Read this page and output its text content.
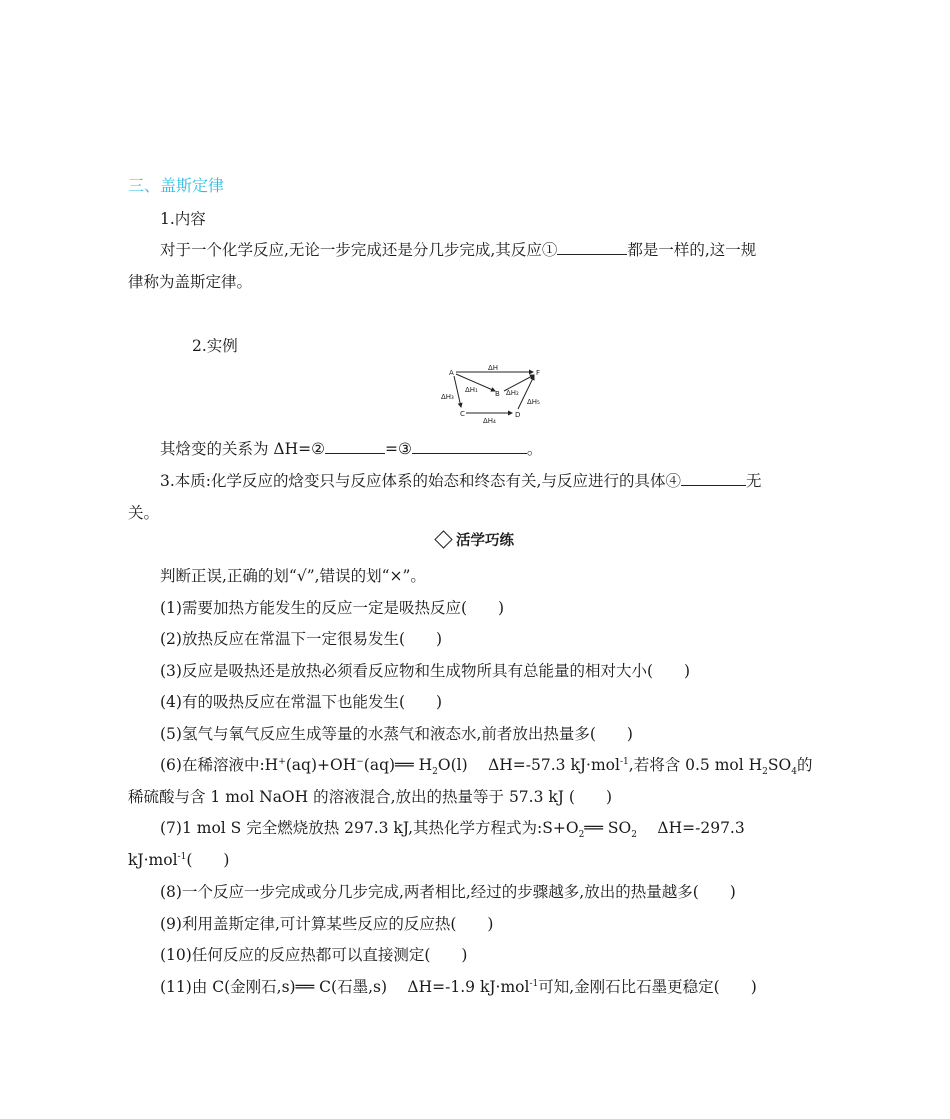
三、盖斯定律
1.内容
对于一个化学反应,无论一步完成还是分几步完成,其反应①	都是一样的,这一规
律称为盖斯定律。
2.实例
A	F
B
C	D
ΔH
ΔH₁	ΔH₂
ΔH₃
ΔH₄
ΔH₅
其焓变的关系为 ΔH=②	=③	。
3.本质:化学反应的焓变只与反应体系的始态和终态有关,与反应进行的具体④	无
关。
活学巧练
判断正误,正确的划“√”,错误的划“×”。
(1)需要加热方能发生的反应一定是吸热反应(　　)
(2)放热反应在常温下一定很易发生(　　)
(3)反应是吸热还是放热必须看反应物和生成物所具有总能量的相对大小(　　)
(4)有的吸热反应在常温下也能发生(　　)
(5)氢气与氧气反应生成等量的水蒸气和液态水,前者放出热量多(　　)
(6)在稀溶液中:H+(aq)+OH−(aq)══ $H_2O(l)$　 ΔH=-57.3 kJ·mol$^{-1}$,若将含 0.5 mol $H_2SO_4$的
稀硫酸与含 1 mol NaOH 的溶液混合,放出的热量等于 57.3 kJ (　　)
(7)1 mol S 完全燃烧放热 297.3 kJ,其热化学方程式为$:S+O_2══$ $SO_2$　 ΔH=-297.3
kJ·mol$^{-1}$(　　)
(8)一个反应一步完成或分几步完成,两者相比,经过的步骤越多,放出的热量越多(　　)
(9)利用盖斯定律,可计算某些反应的反应热(　　)
(10)任何反应的反应热都可以直接测定(　　)
(11)由 C(金刚石,s)══ C(石墨,s)　 ΔH=-1.9 kJ·mol$^{-1}$可知,金刚石比石墨更稳定(　　)
